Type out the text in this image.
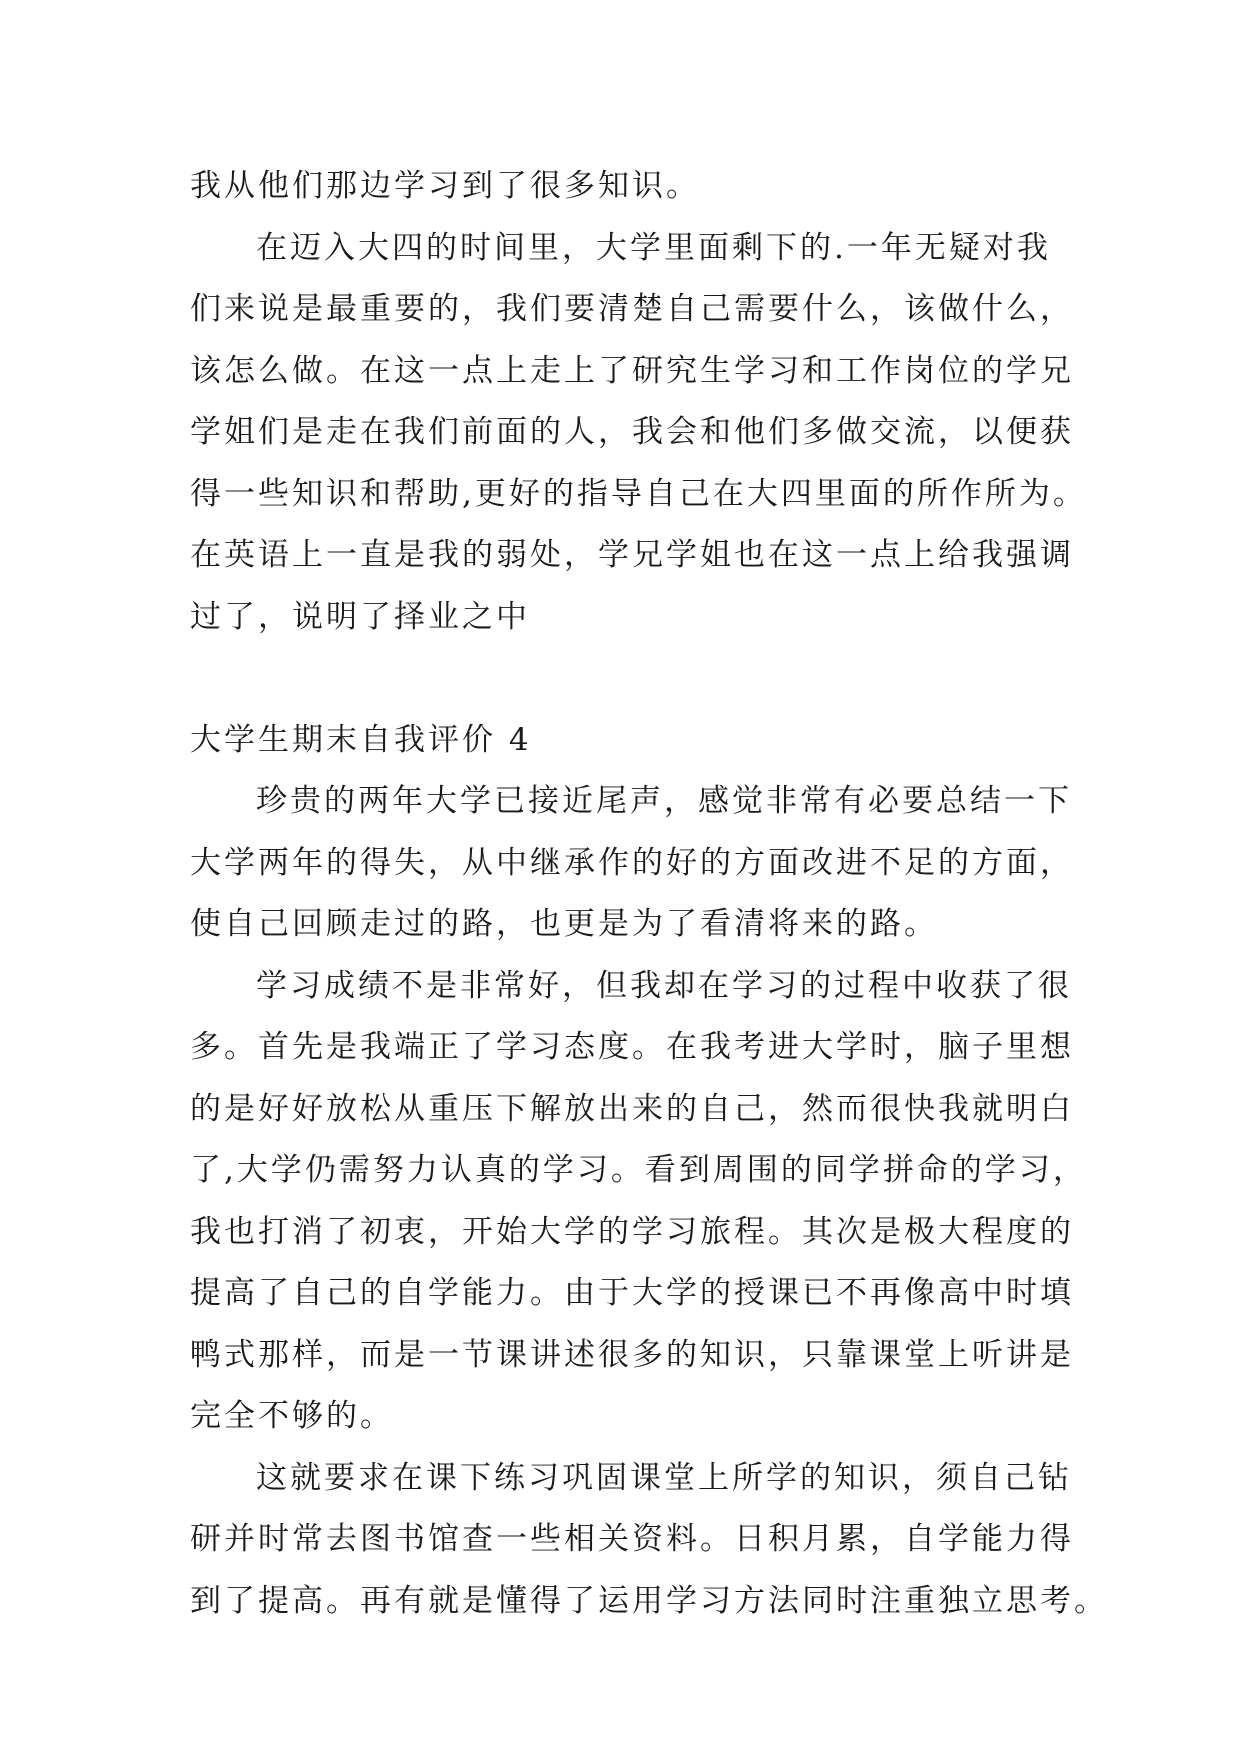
我从他们那边学习到了很多知识。
在迈入大四的时间里，大学里面剩下的.一年无疑对我
们来说是最重要的，我们要清楚自己需要什么，该做什么，
该怎么做。在这一点上走上了研究生学习和工作岗位的学兄
学姐们是走在我们前面的人，我会和他们多做交流，以便获
得一些知识和帮助,更好的指导自己在大四里面的所作所为。
在英语上一直是我的弱处，学兄学姐也在这一点上给我强调
过了，说明了择业之中
大学生期末自我评价 4
珍贵的两年大学已接近尾声，感觉非常有必要总结一下
大学两年的得失，从中继承作的好的方面改进不足的方面，
使自己回顾走过的路，也更是为了看清将来的路。
学习成绩不是非常好，但我却在学习的过程中收获了很
多。首先是我端正了学习态度。在我考进大学时，脑子里想
的是好好放松从重压下解放出来的自己，然而很快我就明白
了,大学仍需努力认真的学习。看到周围的同学拼命的学习，
我也打消了初衷，开始大学的学习旅程。其次是极大程度的
提高了自己的自学能力。由于大学的授课已不再像高中时填
鸭式那样，而是一节课讲述很多的知识，只靠课堂上听讲是
完全不够的。
这就要求在课下练习巩固课堂上所学的知识，须自己钻
研并时常去图书馆查一些相关资料。日积月累，自学能力得
到了提高。再有就是懂得了运用学习方法同时注重独立思考。
